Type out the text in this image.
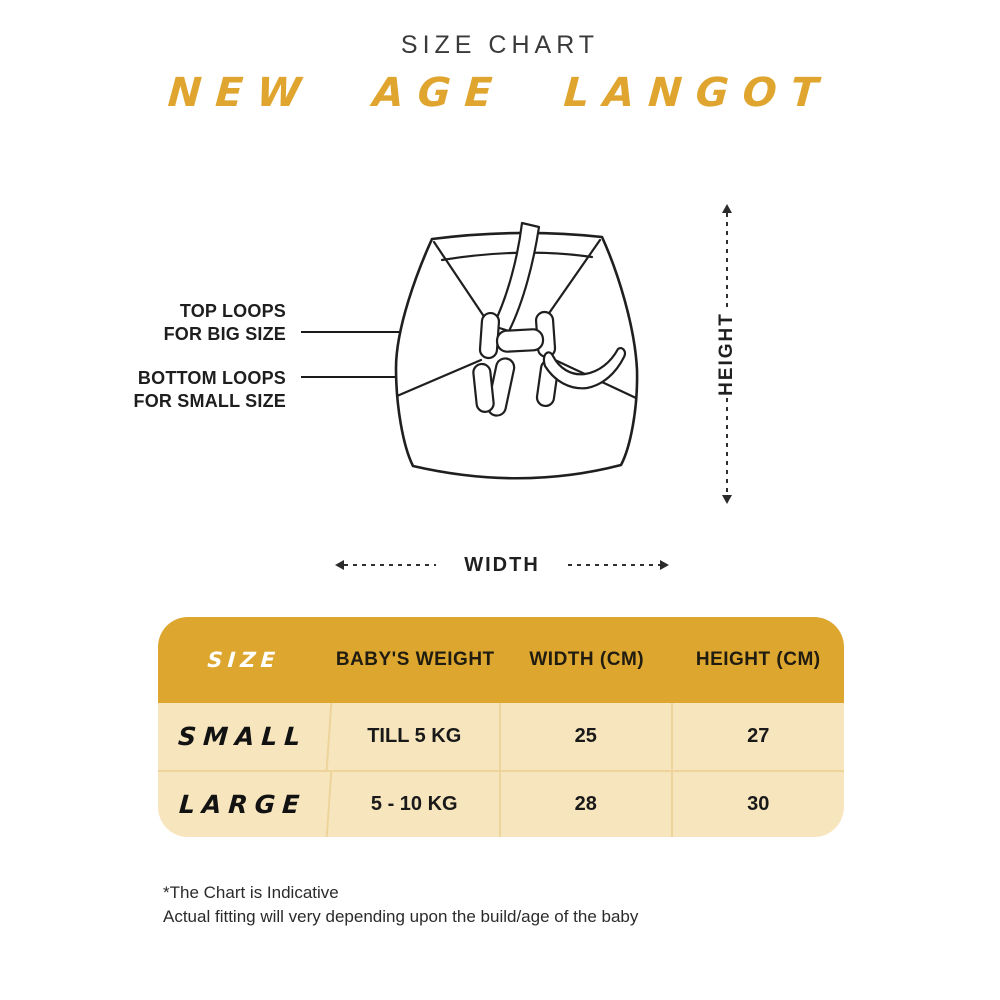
SIZE CHART
NEW AGE LANGOT
TOP LOOPS
FOR BIG SIZE
BOTTOM LOOPS
FOR SMALL SIZE
HEIGHT
WIDTH
SIZE	BABY'S WEIGHT	WIDTH (CM)	HEIGHT (CM)
SMALL	TILL 5 KG	25	27
LARGE	5 - 10 KG	28	30
*The Chart is Indicative
Actual fitting will very depending upon the build/age of the baby
